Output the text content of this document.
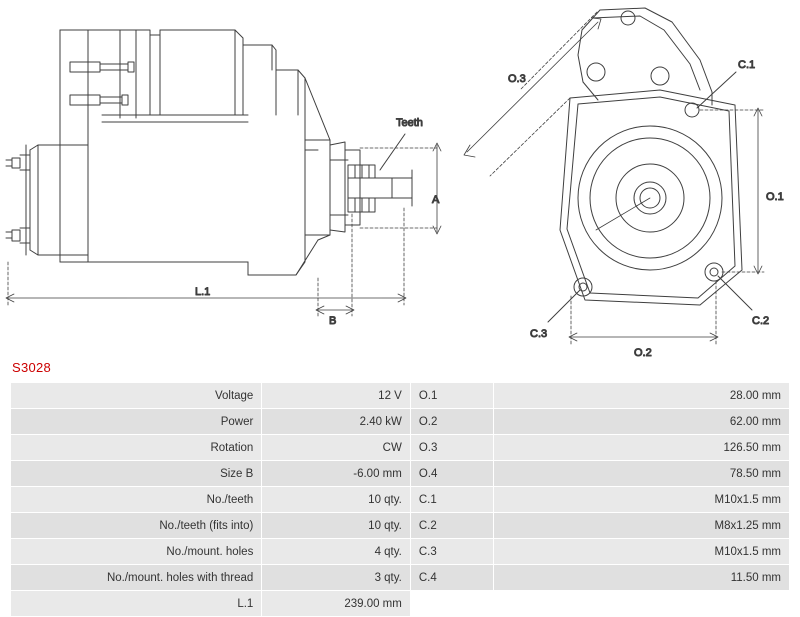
Teeth
A
L.1
B
O.3
O.1
O.2
C.1
C.2
C.3
S3028
Voltage	12 V	O.1	28.00 mm
Power	2.40 kW	O.2	62.00 mm
Rotation	CW	O.3	126.50 mm
Size B	-6.00 mm	O.4	78.50 mm
No./teeth	10 qty.	C.1	M10x1.5 mm
No./teeth (fits into)	10 qty.	C.2	M8x1.25 mm
No./mount. holes	4 qty.	C.3	M10x1.5 mm
No./mount. holes with thread	3 qty.	C.4	11.50 mm
L.1	239.00 mm		
